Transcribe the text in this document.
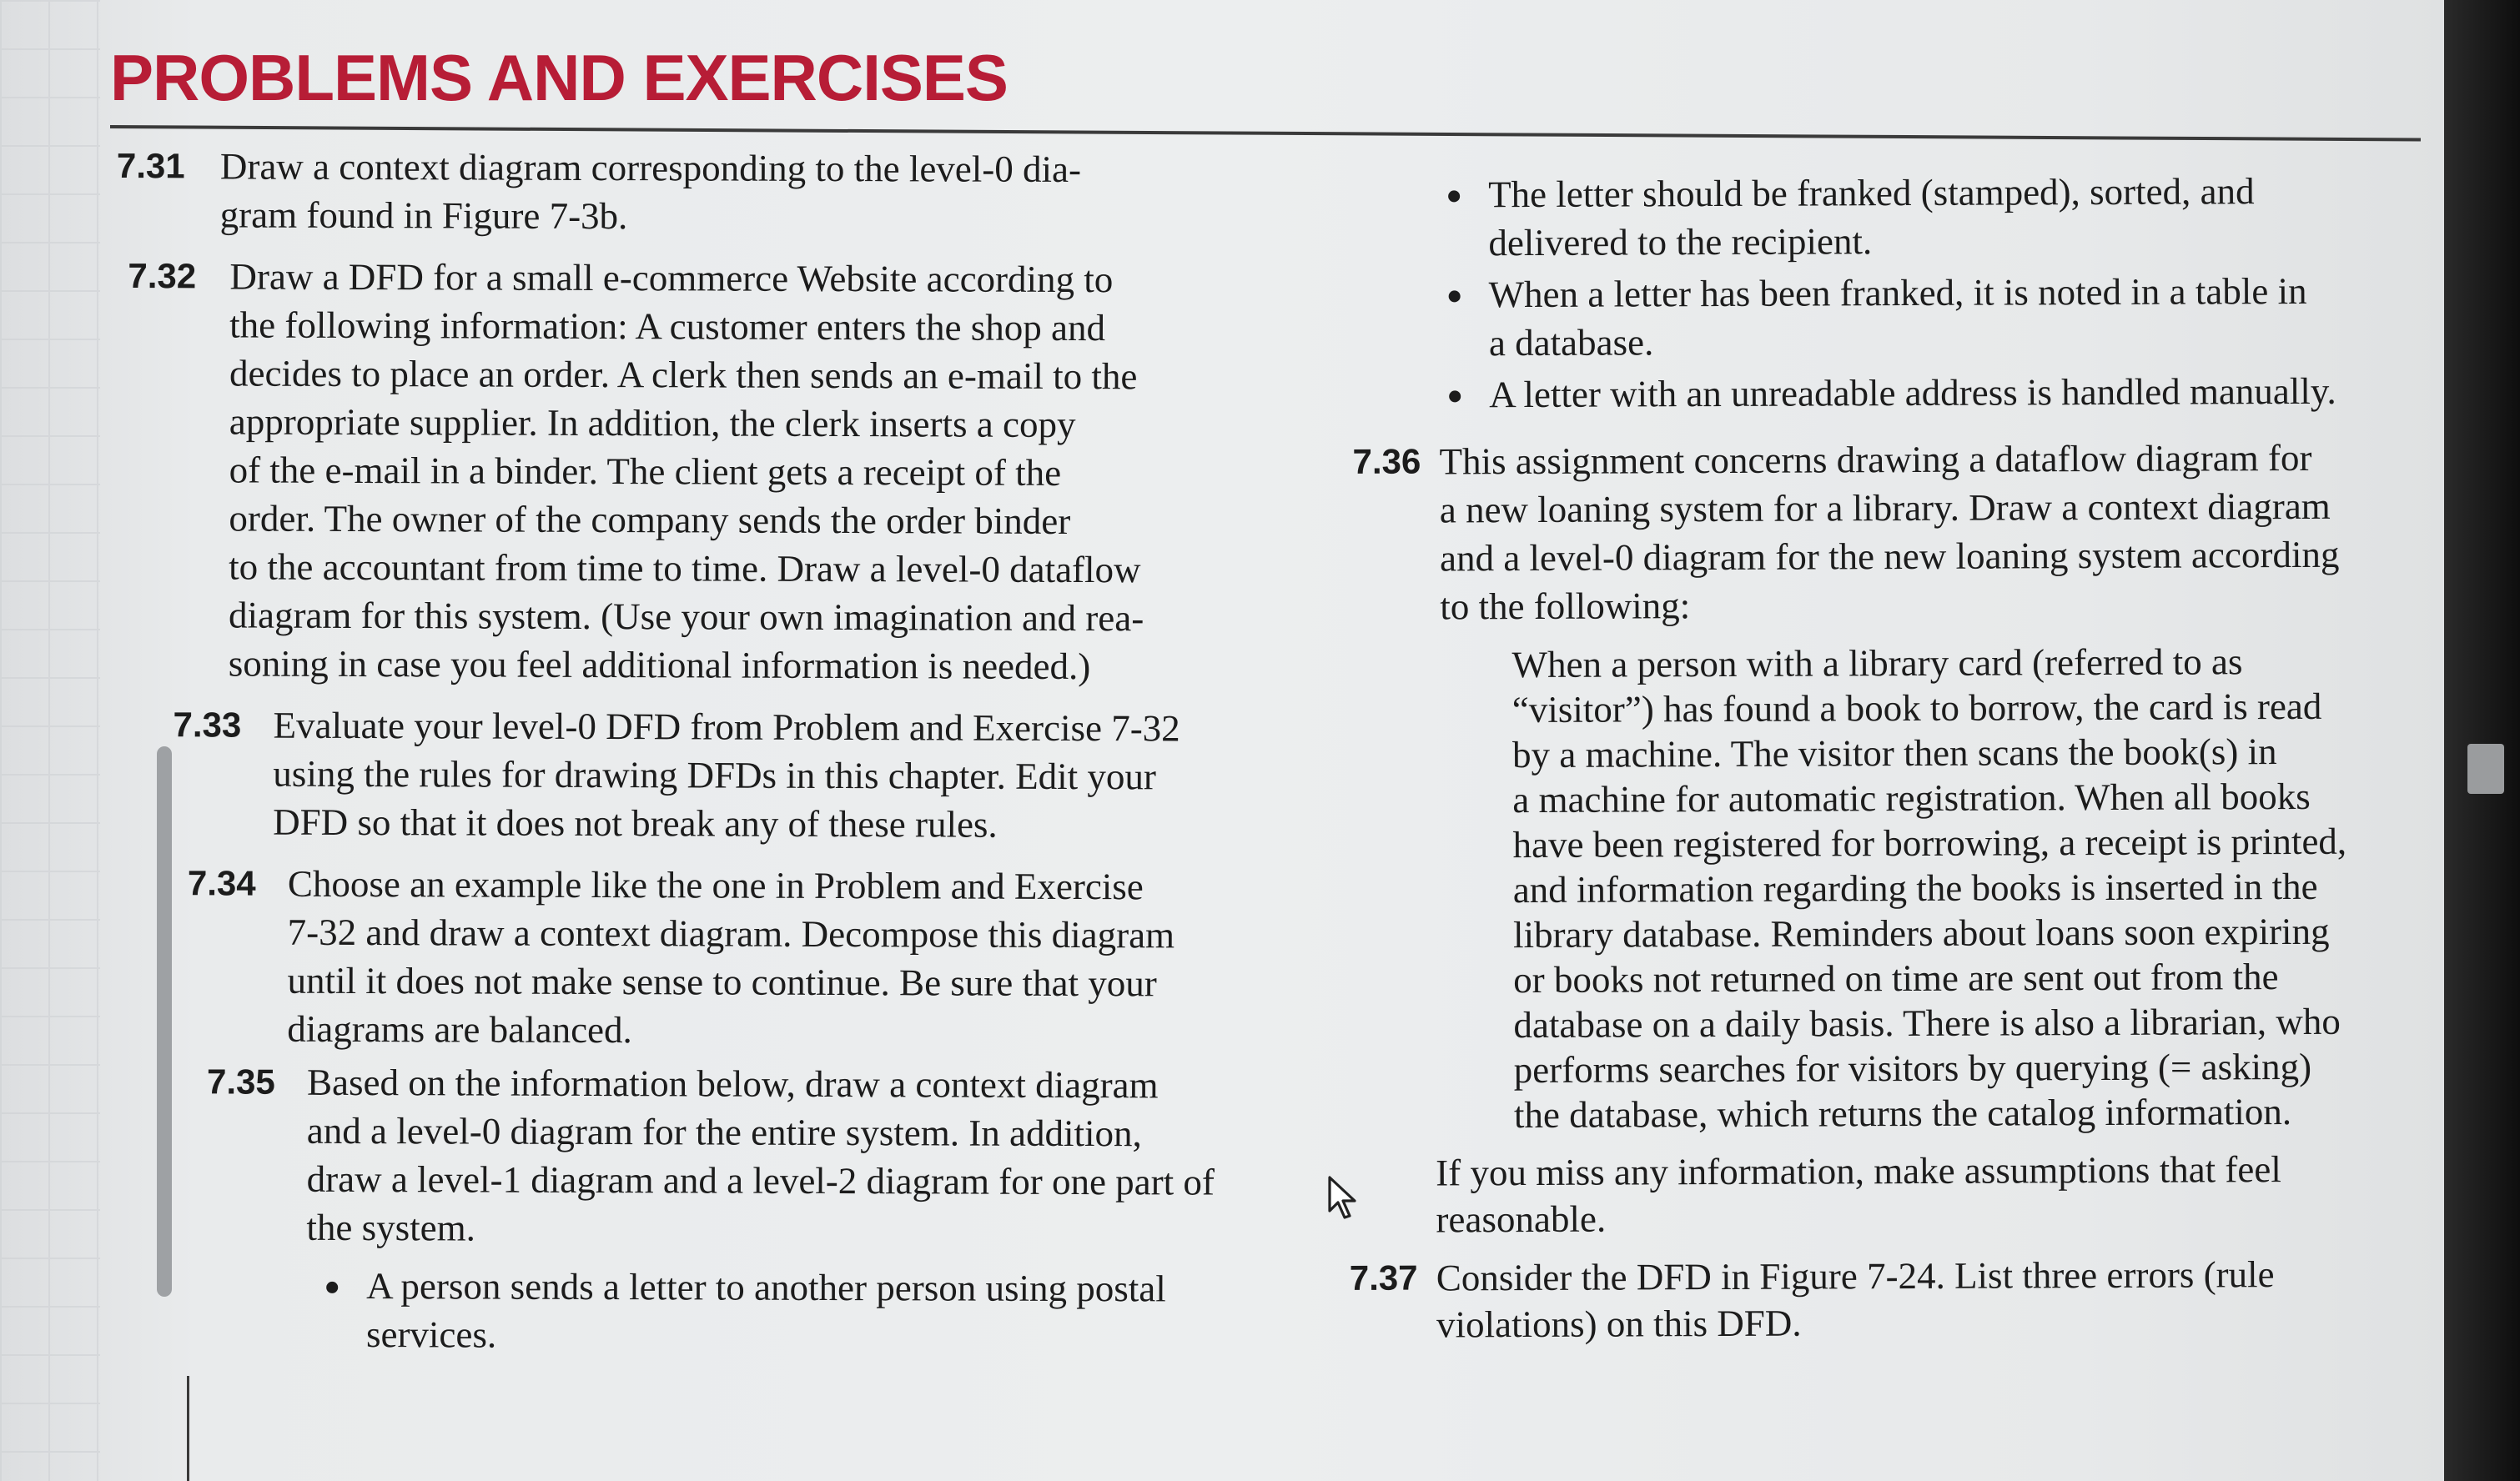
PROBLEMS AND EXERCISES
7.31 Draw a context diagram corresponding to the level-0 dia-
gram found in Figure 7-3b.
7.32 Draw a DFD for a small e-commerce Website according to
the following information: A customer enters the shop and
decides to place an order. A clerk then sends an e-mail to the
appropriate supplier. In addition, the clerk inserts a copy
of the e-mail in a binder. The client gets a receipt of the
order. The owner of the company sends the order binder
to the accountant from time to time. Draw a level-0 dataflow
diagram for this system. (Use your own imagination and rea-
soning in case you feel additional information is needed.)
7.33 Evaluate your level-0 DFD from Problem and Exercise 7-32
using the rules for drawing DFDs in this chapter. Edit your
DFD so that it does not break any of these rules.
7.34 Choose an example like the one in Problem and Exercise
7-32 and draw a context diagram. Decompose this diagram
until it does not make sense to continue. Be sure that your
diagrams are balanced.
7.35 Based on the information below, draw a context diagram
and a level-0 diagram for the entire system. In addition,
draw a level-1 diagram and a level-2 diagram for one part of
the system.
A person sends a letter to another person using postal
services.
The letter should be franked (stamped), sorted, and
delivered to the recipient.
When a letter has been franked, it is noted in a table in
a database.
A letter with an unreadable address is handled manually.
7.36 This assignment concerns drawing a dataflow diagram for
a new loaning system for a library. Draw a context diagram
and a level-0 diagram for the new loaning system according
to the following:
When a person with a library card (referred to as
“visitor”) has found a book to borrow, the card is read
by a machine. The visitor then scans the book(s) in
a machine for automatic registration. When all books
have been registered for borrowing, a receipt is printed,
and information regarding the books is inserted in the
library database. Reminders about loans soon expiring
or books not returned on time are sent out from the
database on a daily basis. There is also a librarian, who
performs searches for visitors by querying (= asking)
the database, which returns the catalog information.
If you miss any information, make assumptions that feel
reasonable.
7.37 Consider the DFD in Figure 7-24. List three errors (rule
violations) on this DFD.
